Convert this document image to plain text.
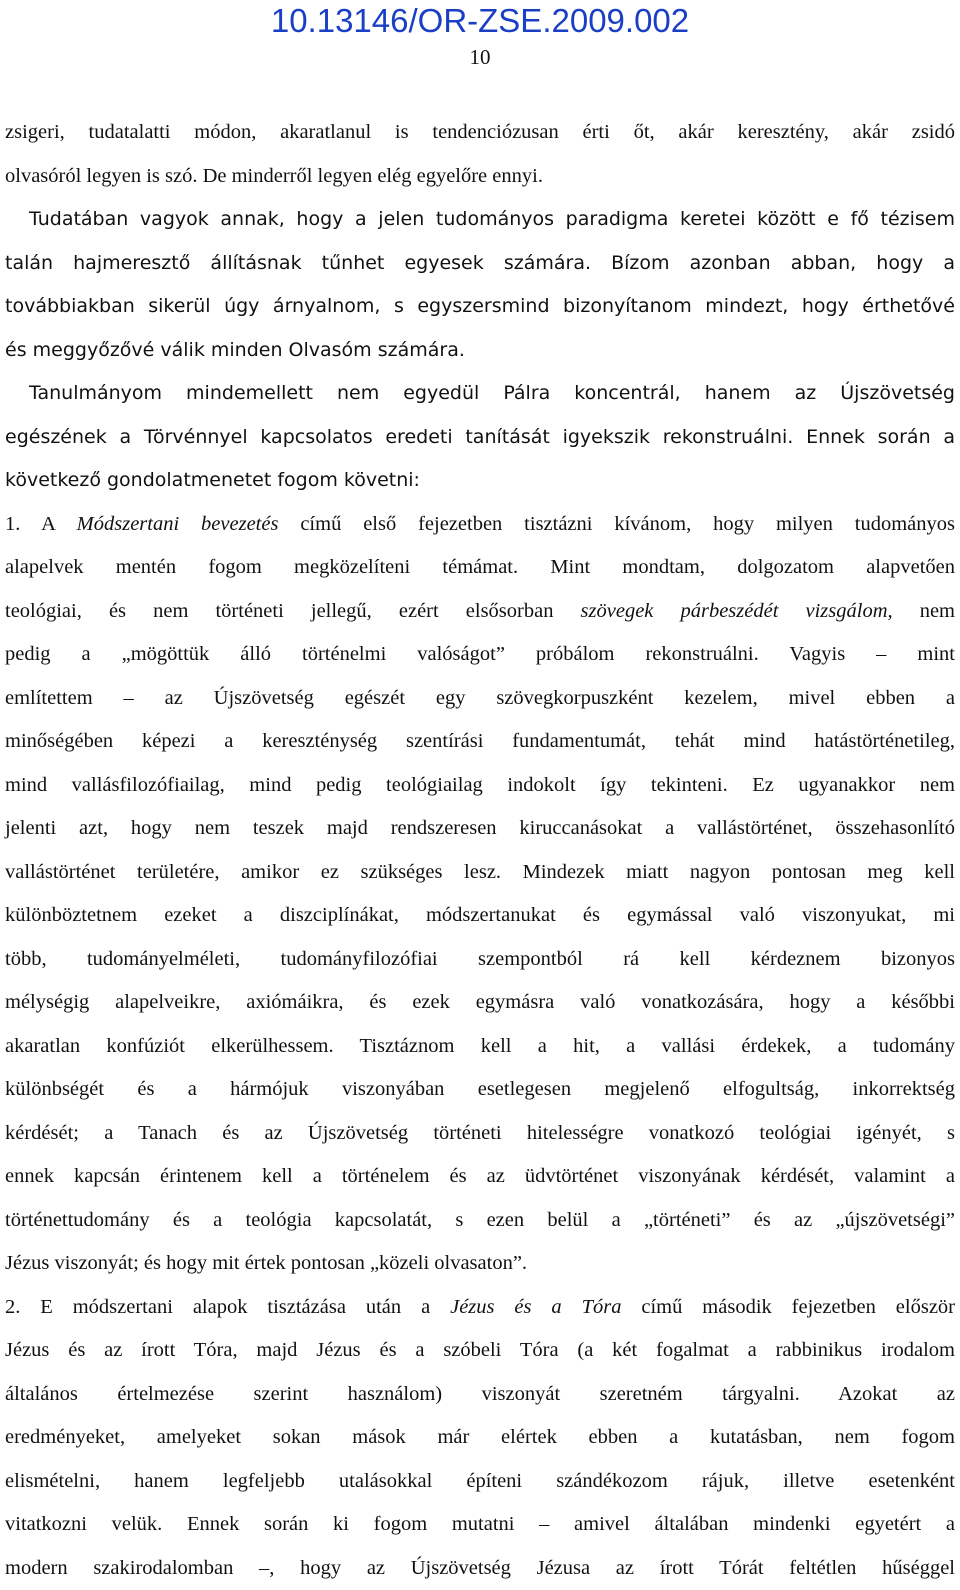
10.13146/OR-ZSE.2009.002
10
zsigeri, tudatalatti módon, akaratlanul is tendenciózusan érti őt, akár keresztény, akár zsidó
olvasóról legyen is szó. De minderről legyen elég egyelőre ennyi.
Tudatában vagyok annak, hogy a jelen tudományos paradigma keretei között e fő tézisem
talán hajmeresztő állításnak tűnhet egyesek számára. Bízom azonban abban, hogy a
továbbiakban sikerül úgy árnyalnom, s egyszersmind bizonyítanom mindezt, hogy érthetővé
és meggyőzővé válik minden Olvasóm számára.
Tanulmányom mindemellett nem egyedül Pálra koncentrál, hanem az Újszövetség
egészének a Törvénnyel kapcsolatos eredeti tanítását igyekszik rekonstruálni. Ennek során a
következő gondolatmenetet fogom követni:
1. A Módszertani bevezetés című első fejezetben tisztázni kívánom, hogy milyen tudományos
alapelvek mentén fogom megközelíteni témámat. Mint mondtam, dolgozatom alapvetően
teológiai, és nem történeti jellegű, ezért elsősorban szövegek párbeszédét vizsgálom, nem
pedig a „mögöttük álló történelmi valóságot” próbálom rekonstruálni. Vagyis – mint
említettem – az Újszövetség egészét egy szövegkorpuszként kezelem, mivel ebben a
minőségében képezi a kereszténység szentírási fundamentumát, tehát mind hatástörténetileg,
mind vallásfilozófiailag, mind pedig teológiailag indokolt így tekinteni. Ez ugyanakkor nem
jelenti azt, hogy nem teszek majd rendszeresen kiruccanásokat a vallástörténet, összehasonlító
vallástörténet területére, amikor ez szükséges lesz. Mindezek miatt nagyon pontosan meg kell
különböztetnem ezeket a diszciplínákat, módszertanukat és egymással való viszonyukat, mi
több, tudományelméleti, tudományfilozófiai szempontból rá kell kérdeznem bizonyos
mélységig alapelveikre, axiómáikra, és ezek egymásra való vonatkozására, hogy a későbbi
akaratlan konfúziót elkerülhessem. Tisztáznom kell a hit, a vallási érdekek, a tudomány
különbségét és a hármójuk viszonyában esetlegesen megjelenő elfogultság, inkorrektség
kérdését; a Tanach és az Újszövetség történeti hitelességre vonatkozó teológiai igényét, s
ennek kapcsán érintenem kell a történelem és az üdvtörténet viszonyának kérdését, valamint a
történettudomány és a teológia kapcsolatát, s ezen belül a „történeti” és az „újszövetségi”
Jézus viszonyát; és hogy mit értek pontosan „közeli olvasaton”.
2. E módszertani alapok tisztázása után a Jézus és a Tóra című második fejezetben először
Jézus és az írott Tóra, majd Jézus és a szóbeli Tóra (a két fogalmat a rabbinikus irodalom
általános értelmezése szerint használom) viszonyát szeretném tárgyalni. Azokat az
eredményeket, amelyeket sokan mások már elértek ebben a kutatásban, nem fogom
elismételni, hanem legfeljebb utalásokkal építeni szándékozom rájuk, illetve esetenként
vitatkozni velük. Ennek során ki fogom mutatni – amivel általában mindenki egyetért a
modern szakirodalomban –, hogy az Újszövetség Jézusa az írott Tórát feltétlen hűséggel
